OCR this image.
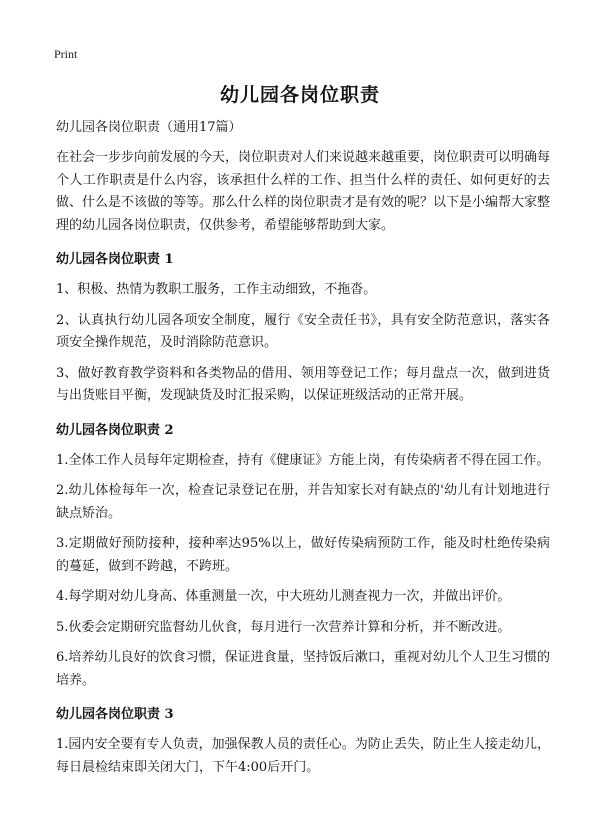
Print
幼儿园各岗位职责
幼儿园各岗位职责（通用17篇）

在社会一步步向前发展的今天，岗位职责对人们来说越来越重要，岗位职责可以明确每个人工作职责是什么内容，该承担什么样的工作、担当什么样的责任、如何更好的去做、什么是不该做的等等。那么什么样的岗位职责才是有效的呢？以下是小编帮大家整理的幼儿园各岗位职责，仅供参考，希望能够帮助到大家。

幼儿园各岗位职责 1

1、积极、热情为教职工服务，工作主动细致，不拖沓。

2、认真执行幼儿园各项安全制度，履行《安全责任书》，具有安全防范意识，落实各项安全操作规范，及时消除防范意识。

3、做好教育教学资料和各类物品的借用、领用等登记工作；每月盘点一次，做到进货与出货账目平衡，发现缺货及时汇报采购，以保证班级活动的正常开展。

幼儿园各岗位职责 2

1.全体工作人员每年定期检查，持有《健康证》方能上岗，有传染病者不得在园工作。

2.幼儿体检每年一次，检查记录登记在册，并告知家长对有缺点的'幼儿有计划地进行缺点矫治。

3.定期做好预防接种，接种率达95%以上，做好传染病预防工作，能及时杜绝传染病的蔓延，做到不跨越，不跨班。

4.每学期对幼儿身高、体重测量一次，中大班幼儿测查视力一次，并做出评价。

5.伙委会定期研究监督幼儿伙食，每月进行一次营养计算和分析，并不断改进。

6.培养幼儿良好的饮食习惯，保证进食量，坚持饭后漱口，重视对幼儿个人卫生习惯的培养。

幼儿园各岗位职责 3

1.园内安全要有专人负责，加强保教人员的责任心。为防止丢失，防止生人接走幼儿，每日晨检结束即关闭大门，下午4:00后开门。
